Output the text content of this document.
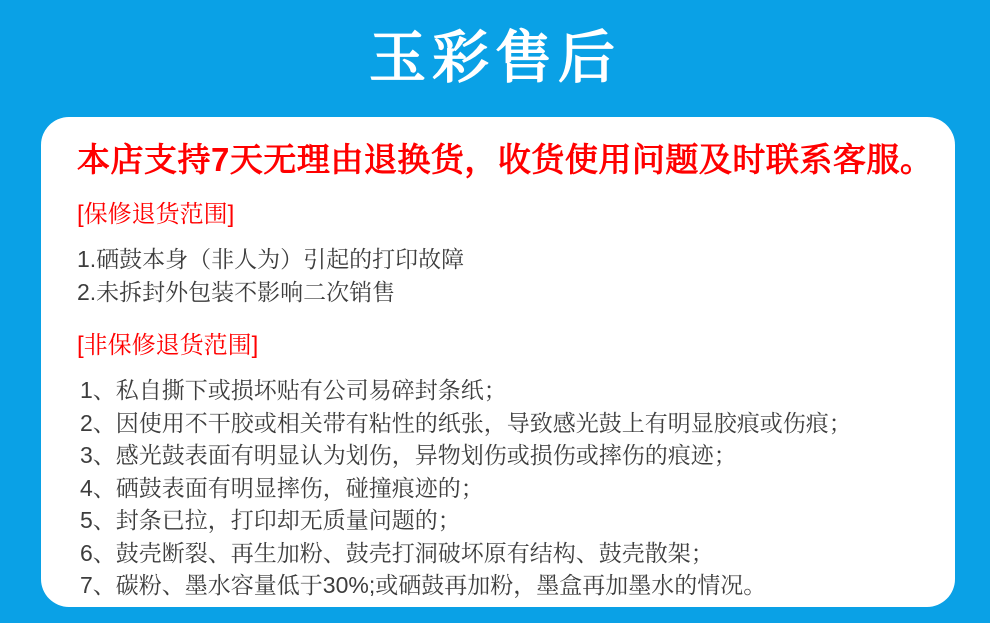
玉彩售后
本店支持7天无理由退换货，收货使用问题及时联系客服。
[保修退货范围]
1.硒鼓本身（非人为）引起的打印故障
2.未拆封外包装不影响二次销售
[非保修退货范围]
1、私自撕下或损坏贴有公司易碎封条纸；
2、因使用不干胶或相关带有粘性的纸张，导致感光鼓上有明显胶痕或伤痕；
3、感光鼓表面有明显认为划伤，异物划伤或损伤或摔伤的痕迹；
4、硒鼓表面有明显摔伤，碰撞痕迹的；
5、封条已拉，打印却无质量问题的；
6、鼓壳断裂、再生加粉、鼓壳打洞破坏原有结构、鼓壳散架；
7、碳粉、墨水容量低于30%;或硒鼓再加粉，墨盒再加墨水的情况。
